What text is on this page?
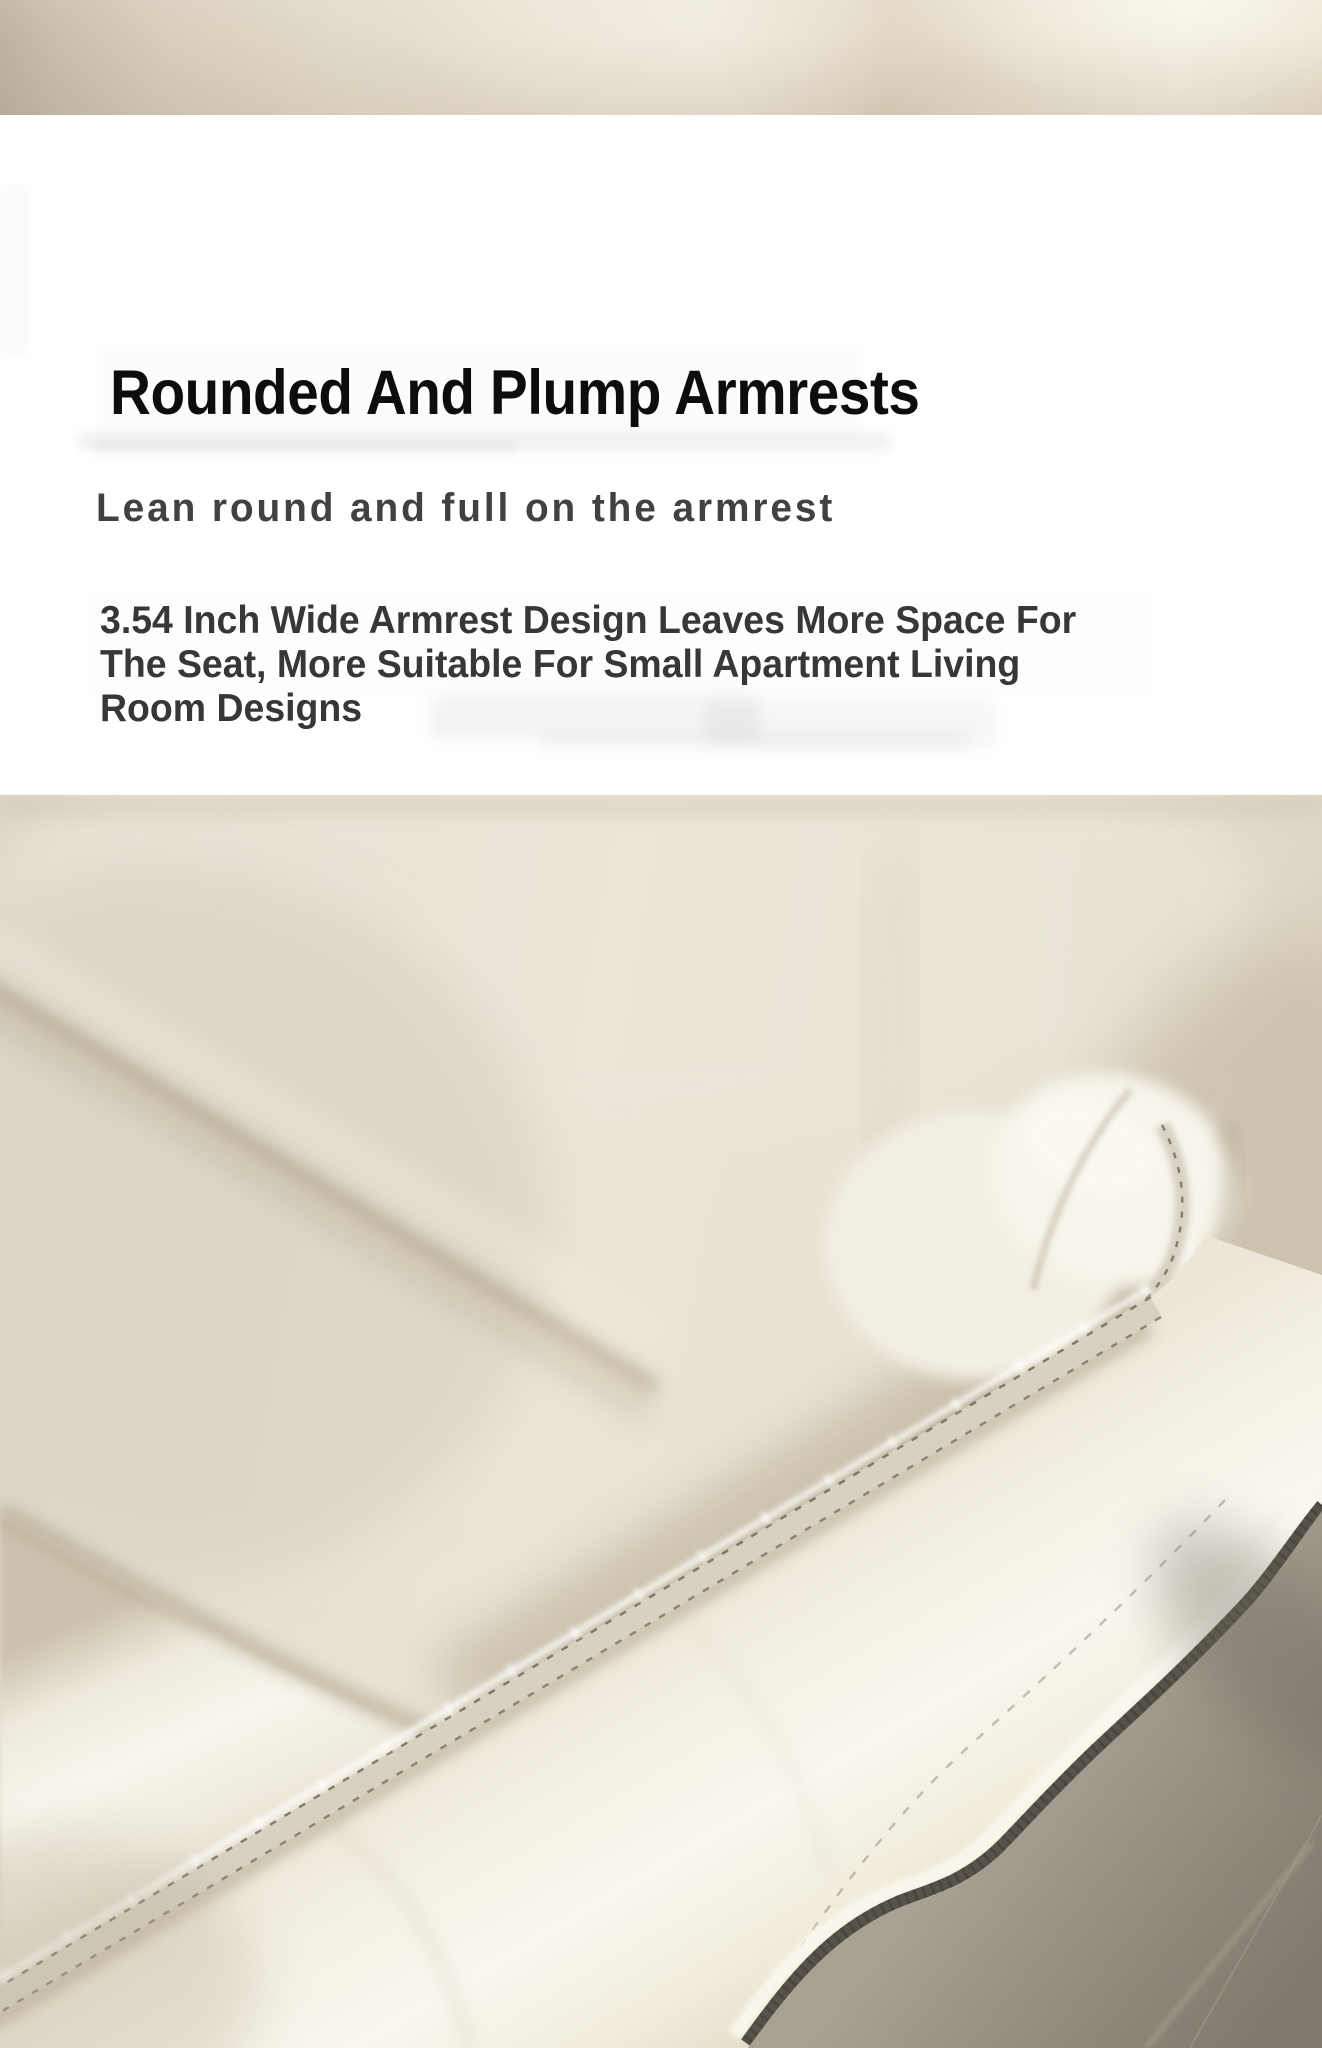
Rounded And Plump Armrests

Lean round and full on the armrest

3.54 Inch Wide Armrest Design Leaves More Space For
The Seat, More Suitable For Small Apartment Living
Room Designs
